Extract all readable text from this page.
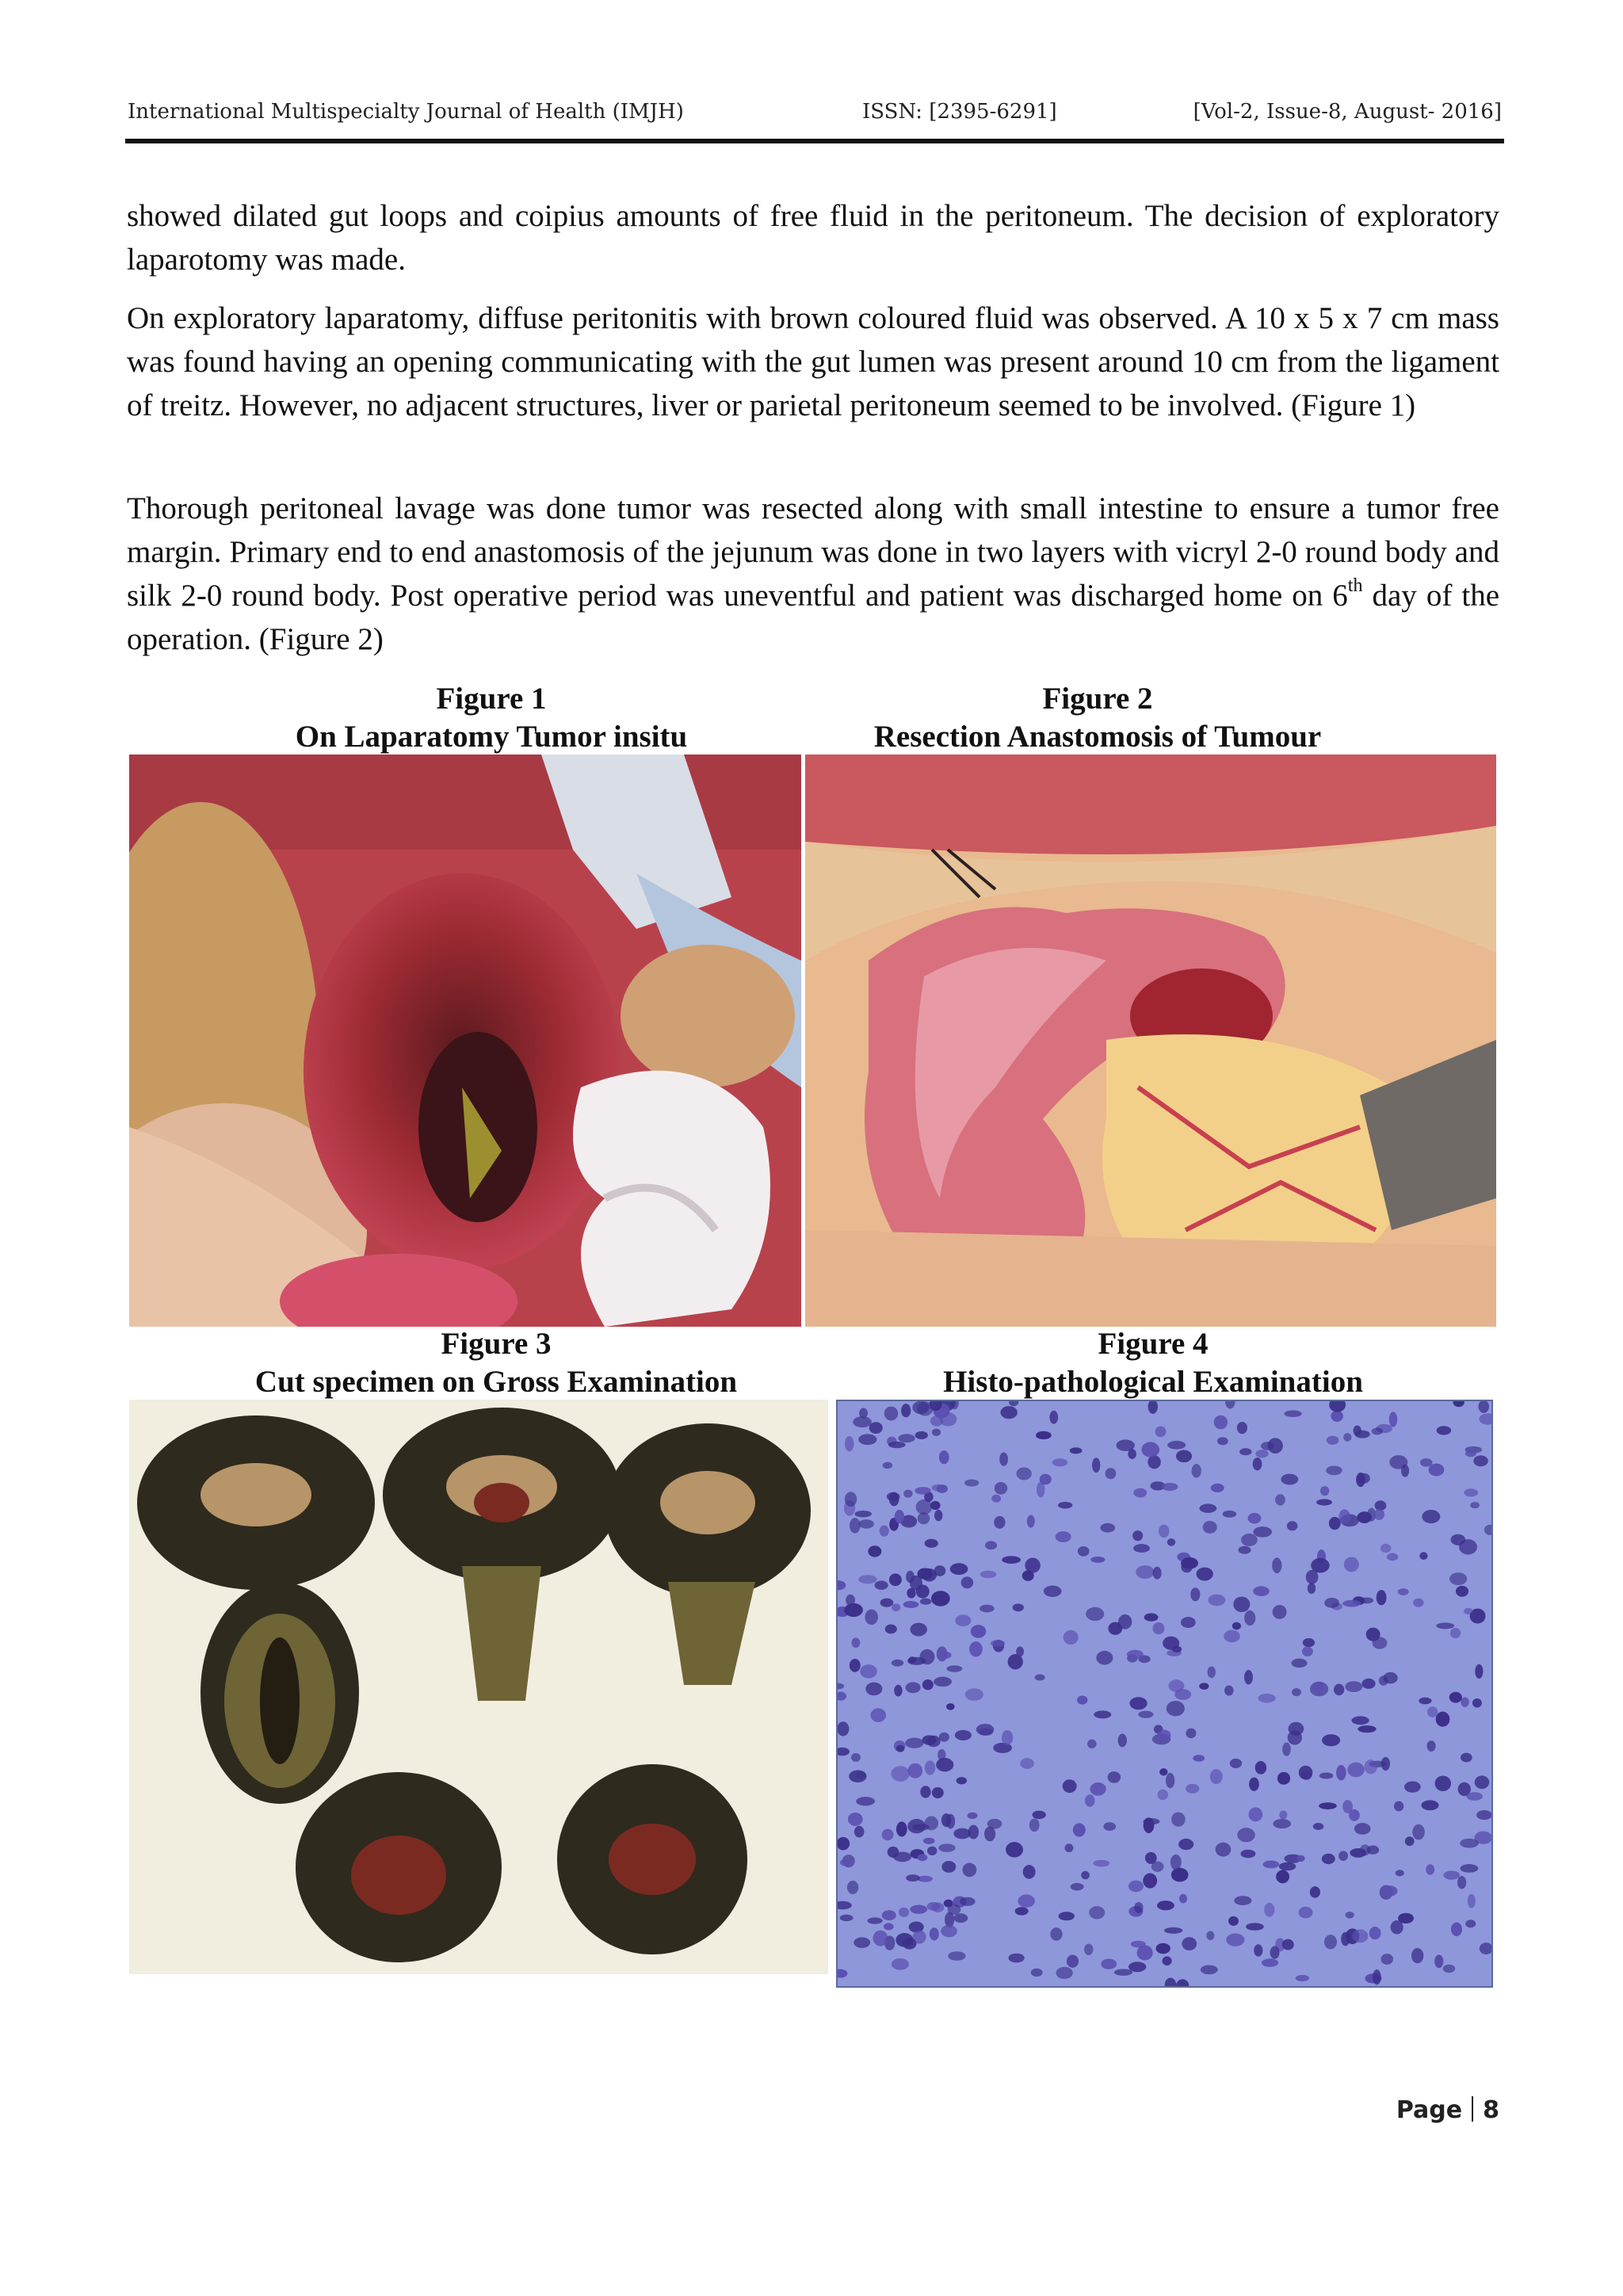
International Multispecialty Journal of Health (IMJH)	ISSN: [2395-6291]	[Vol-2, Issue-8, August- 2016]

showed dilated gut loops and coipius amounts of free fluid in the peritoneum. The decision of exploratory laparotomy was made.

On exploratory laparatomy, diffuse peritonitis with brown coloured fluid was observed. A 10 x 5 x 7 cm mass was found having an opening communicating with the gut lumen was present around 10 cm from the ligament of treitz. However, no adjacent structures, liver or parietal peritoneum seemed to be involved. (Figure 1)

Thorough peritoneal lavage was done tumor was resected along with small intestine to ensure a tumor free margin. Primary end to end anastomosis of the jejunum was done in two layers with vicryl 2-0 round body and silk 2-0 round body. Post operative period was uneventful and patient was discharged home on 6th day of the operation. (Figure 2)

Figure 1
On Laparatomy Tumor insitu
Figure 2
Resection Anastomosis of Tumour
Figure 3
Cut specimen on Gross Examination
Figure 4
Histo-pathological Examination
Page 8
